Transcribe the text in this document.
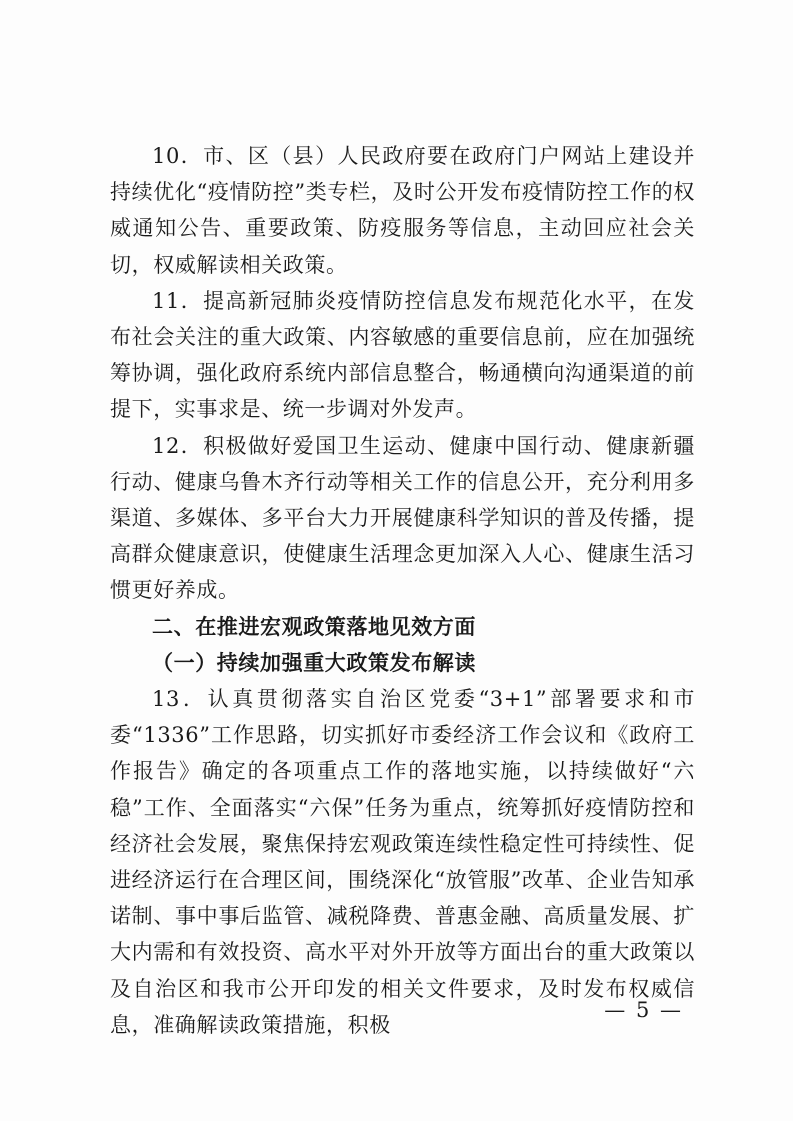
10．市、区（县）人民政府要在政府门户网站上建设并持续优化“疫情防控”类专栏，及时公开发布疫情防控工作的权威通知公告、重要政策、防疫服务等信息，主动回应社会关切，权威解读相关政策。

11．提高新冠肺炎疫情防控信息发布规范化水平，在发布社会关注的重大政策、内容敏感的重要信息前，应在加强统筹协调，强化政府系统内部信息整合，畅通横向沟通渠道的前提下，实事求是、统一步调对外发声。

12．积极做好爱国卫生运动、健康中国行动、健康新疆行动、健康乌鲁木齐行动等相关工作的信息公开，充分利用多渠道、多媒体、多平台大力开展健康科学知识的普及传播，提高群众健康意识，使健康生活理念更加深入人心、健康生活习惯更好养成。

二、在推进宏观政策落地见效方面

（一）持续加强重大政策发布解读

13．认真贯彻落实自治区党委“3+1”部署要求和市委“1336”工作思路，切实抓好市委经济工作会议和《政府工作报告》确定的各项重点工作的落地实施，以持续做好“六稳”工作、全面落实“六保”任务为重点，统筹抓好疫情防控和经济社会发展，聚焦保持宏观政策连续性稳定性可持续性、促进经济运行在合理区间，围绕深化“放管服”改革、企业告知承诺制、事中事后监管、减税降费、普惠金融、高质量发展、扩大内需和有效投资、高水平对外开放等方面出台的重大政策以及自治区和我市公开印发的相关文件要求，及时发布权威信息，准确解读政策措施，积极

— 5 —
